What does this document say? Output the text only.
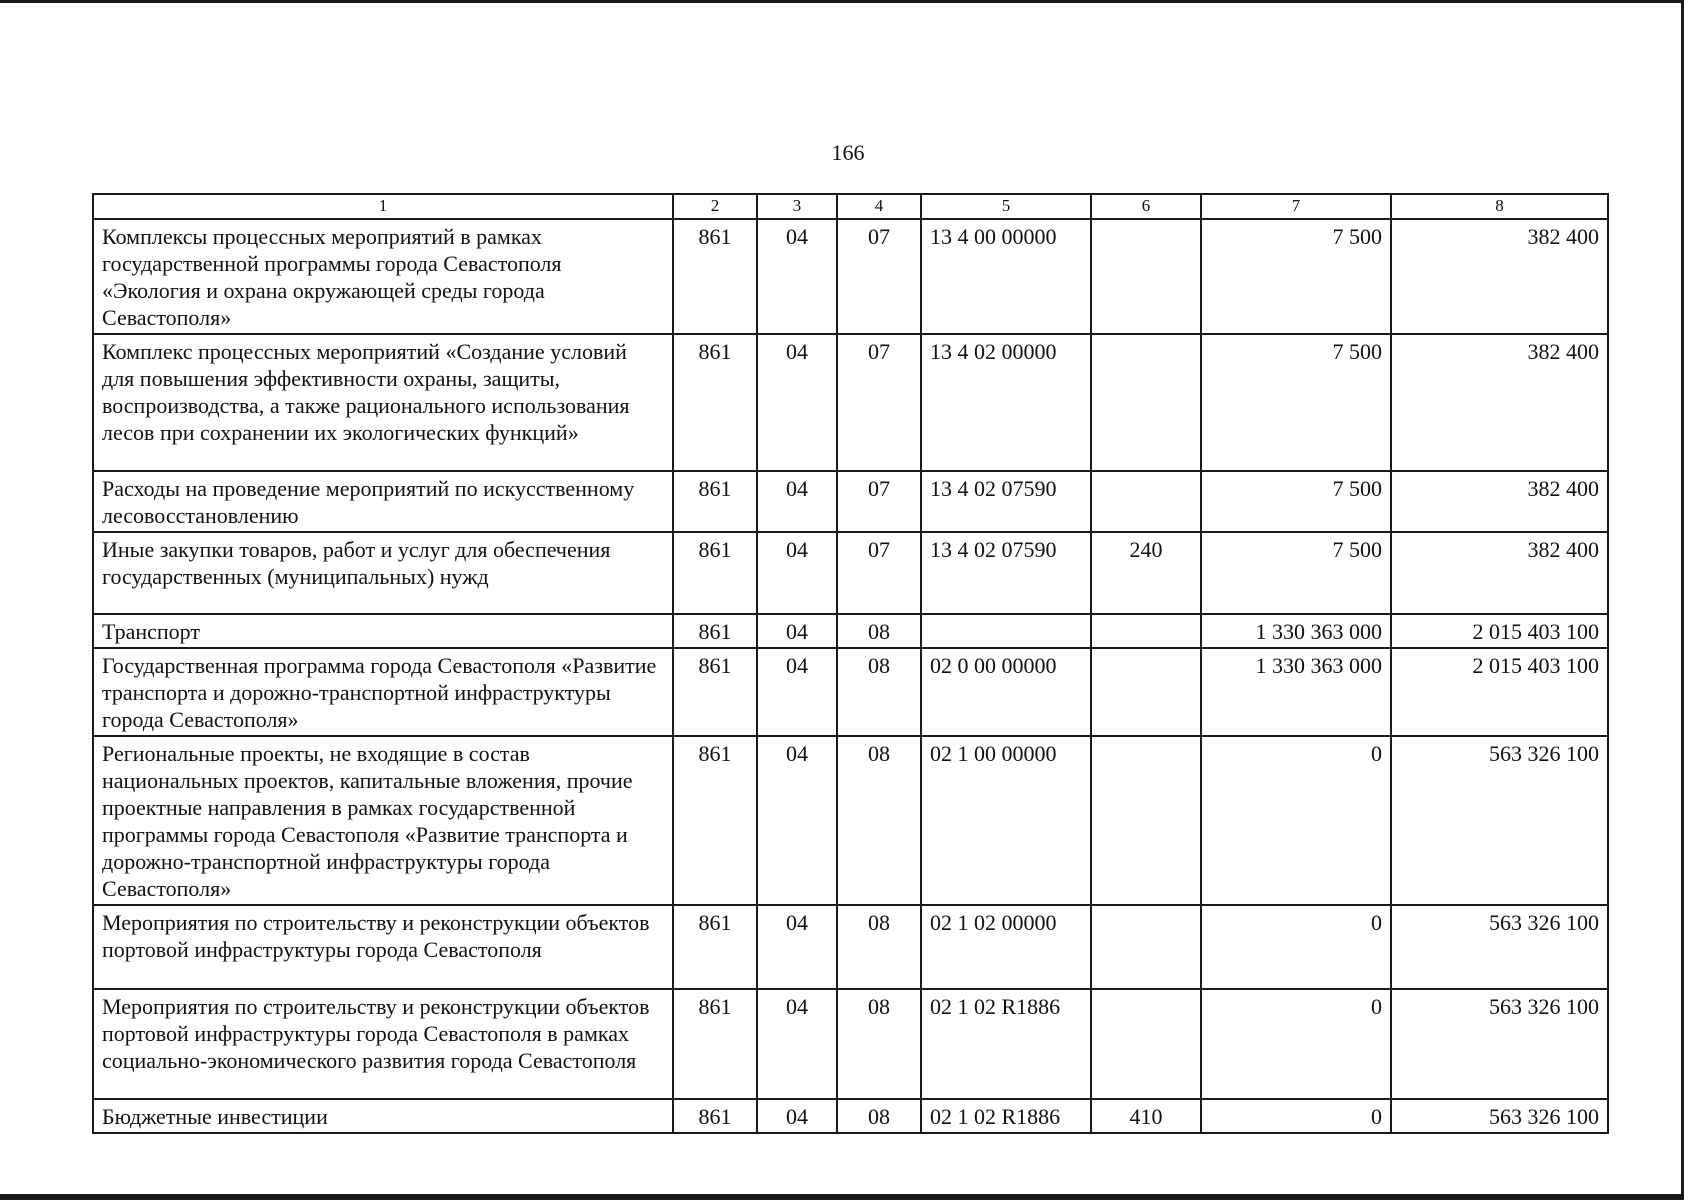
166
1	2	3	4	5	6	7	8
Комплексы процессных мероприятий в рамках государственной программы города Севастополя «Экология и охрана окружающей среды города Севастополя»	861	04	07	13 4 00 00000		7 500	382 400
Комплекс процессных мероприятий «Создание условий для повышения эффективности охраны, защиты, воспроизводства, а также рационального использования лесов при сохранении их экологических функций»	861	04	07	13 4 02 00000		7 500	382 400
Расходы на проведение мероприятий по искусственному лесовосстановлению	861	04	07	13 4 02 07590		7 500	382 400
Иные закупки товаров, работ и услуг для обеспечения государственных (муниципальных) нужд	861	04	07	13 4 02 07590	240	7 500	382 400
Транспорт	861	04	08			1 330 363 000	2 015 403 100
Государственная программа города Севастополя «Развитие транспорта и дорожно-транспортной инфраструктуры города Севастополя»	861	04	08	02 0 00 00000		1 330 363 000	2 015 403 100
Региональные проекты, не входящие в состав национальных проектов, капитальные вложения, прочие проектные направления в рамках государственной программы города Севастополя «Развитие транспорта и дорожно-транспортной инфраструктуры города Севастополя»	861	04	08	02 1 00 00000		0	563 326 100
Мероприятия по строительству и реконструкции объектов портовой инфраструктуры города Севастополя	861	04	08	02 1 02 00000		0	563 326 100
Мероприятия по строительству и реконструкции объектов портовой инфраструктуры города Севастополя в рамках социально-экономического развития города Севастополя	861	04	08	02 1 02 R1886		0	563 326 100
Бюджетные инвестиции	861	04	08	02 1 02 R1886	410	0	563 326 100
